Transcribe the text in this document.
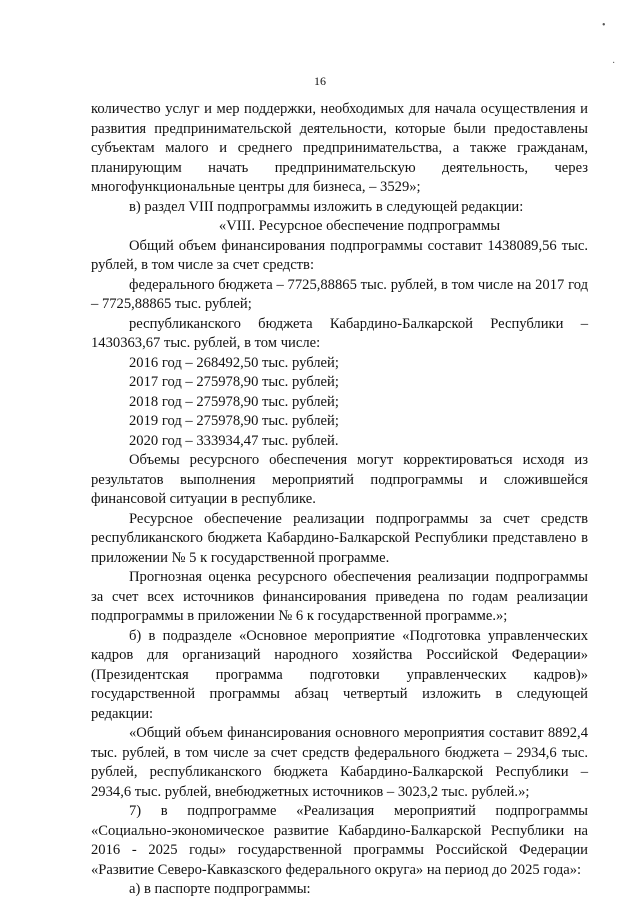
•
·
16

количество услуг и мер поддержки, необходимых для начала осуществления и развития предпринимательской деятельности, которые были предоставлены субъектам малого и среднего предпринимательства, а также гражданам, планирующим начать предпринимательскую деятельность, через многофункциональные центры для бизнеса, – 3529»;

в) раздел VIII подпрограммы изложить в следующей редакции:

«VIII. Ресурсное обеспечение подпрограммы

Общий объем финансирования подпрограммы составит 1438089,56 тыс. рублей, в том числе за счет средств:

федерального бюджета – 7725,88865 тыс. рублей, в том числе на 2017 год – 7725,88865 тыс. рублей;

республиканского бюджета Кабардино-Балкарской Республики – 1430363,67 тыс. рублей, в том числе:

2016 год – 268492,50 тыс. рублей;

2017 год – 275978,90 тыс. рублей;

2018 год – 275978,90 тыс. рублей;

2019 год – 275978,90 тыс. рублей;

2020 год – 333934,47 тыс. рублей.

Объемы ресурсного обеспечения могут корректироваться исходя из результатов выполнения мероприятий подпрограммы и сложившейся финансовой ситуации в республике.

Ресурсное обеспечение реализации подпрограммы за счет средств республиканского бюджета Кабардино-Балкарской Республики представлено в приложении № 5 к государственной программе.

Прогнозная оценка ресурсного обеспечения реализации подпрограммы за счет всех источников финансирования приведена по годам реализации подпрограммы в приложении № 6 к государственной программе.»;

б) в подразделе «Основное мероприятие «Подготовка управленческих кадров для организаций народного хозяйства Российской Федерации» (Президентская программа подготовки управленческих кадров)» государственной программы абзац четвертый изложить в следующей редакции:

«Общий объем финансирования основного мероприятия составит 8892,4 тыс. рублей, в том числе за счет средств федерального бюджета – 2934,6 тыс. рублей, республиканского бюджета Кабардино-Балкарской Республики – 2934,6 тыс. рублей, внебюджетных источников – 3023,2 тыс. рублей.»;

7) в подпрограмме «Реализация мероприятий подпрограммы «Социально-экономическое развитие Кабардино-Балкарской Республики на 2016 - 2025 годы» государственной программы Российской Федерации «Развитие Северо-Кавказского федерального округа» на период до 2025 года»:

а) в паспорте подпрограммы:
